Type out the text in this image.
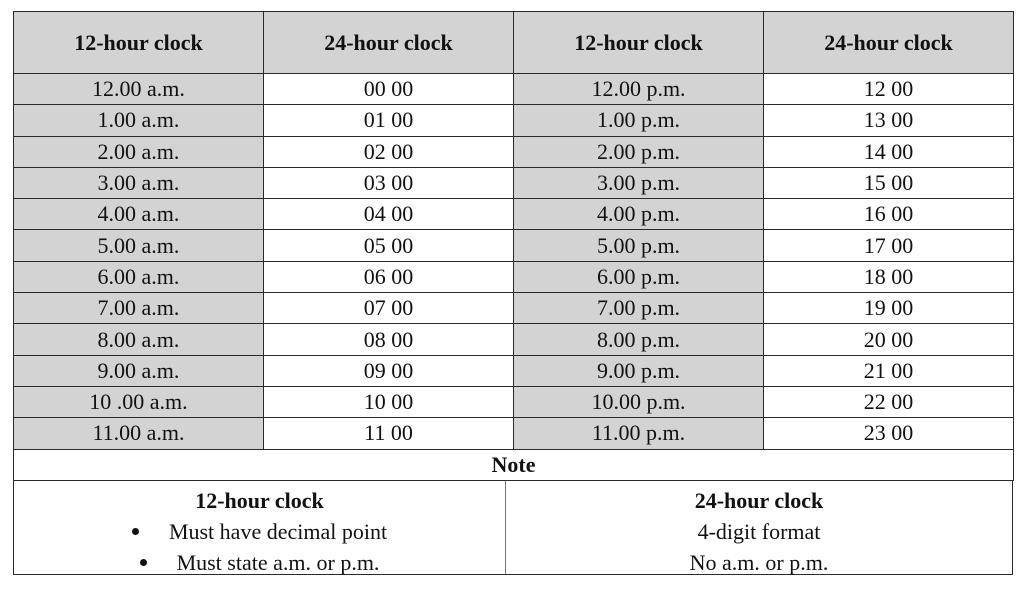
12-hour clock	24-hour clock	12-hour clock	24-hour clock
12.00 a.m.	00 00	12.00 p.m.	12 00
1.00 a.m.	01 00	1.00 p.m.	13 00
2.00 a.m.	02 00	2.00 p.m.	14 00
3.00 a.m.	03 00	3.00 p.m.	15 00
4.00 a.m.	04 00	4.00 p.m.	16 00
5.00 a.m.	05 00	5.00 p.m.	17 00
6.00 a.m.	06 00	6.00 p.m.	18 00
7.00 a.m.	07 00	7.00 p.m.	19 00
8.00 a.m.	08 00	8.00 p.m.	20 00
9.00 a.m.	09 00	9.00 p.m.	21 00
10 .00 a.m.	10 00	10.00 p.m.	22 00
11.00 a.m.	11 00	11.00 p.m.	23 00
Note			
12-hour clock
Must have decimal point
Must state a.m. or p.m.
24-hour clock
4-digit format
No a.m. or p.m.
